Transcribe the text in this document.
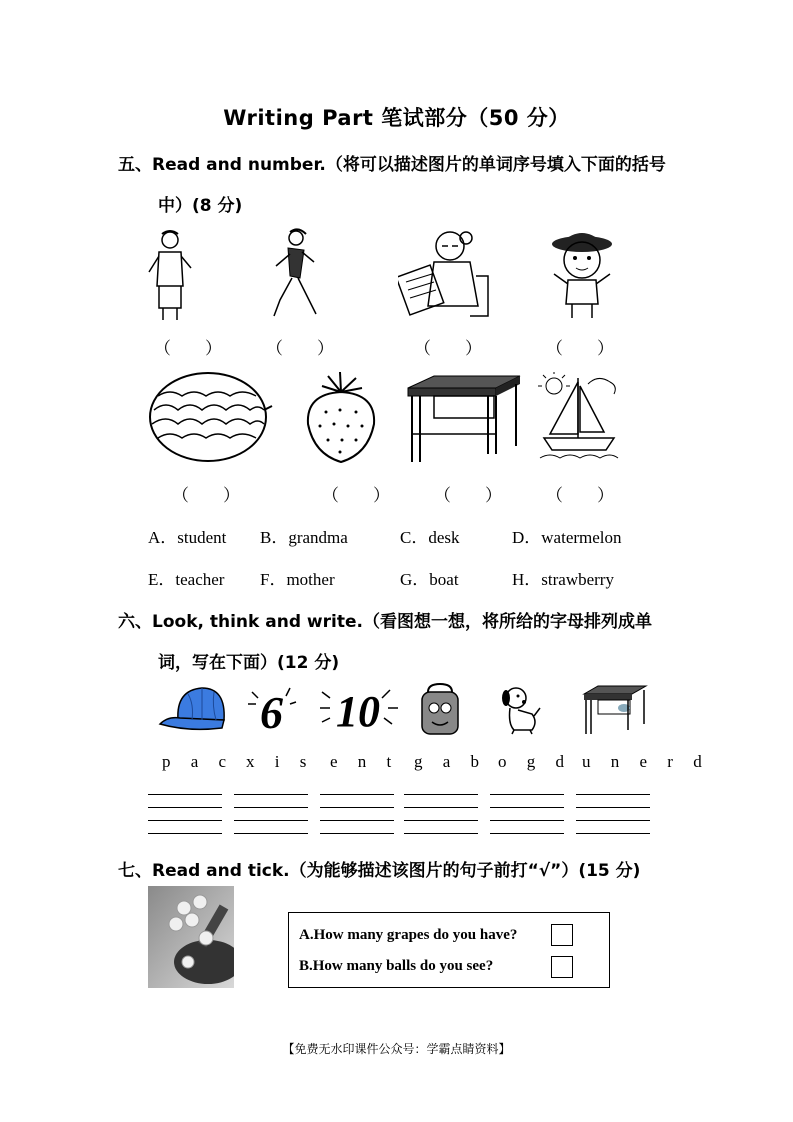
Writing Part 笔试部分（50 分）
五、Read and number.（将可以描述图片的单词序号填入下面的括号
中）(8 分)
（　　）	（　　）	（　　）	（　　）
（　　）	（　　）	（　　）	（　　）
A．student B．grandma	C．desk	D．watermelon
E．teacher F．mother	G．boat	H．strawberry
六、Look, think and write.（看图想一想，将所给的字母排列成单
词，写在下面）(12 分)
6 10
p a c x i s e n t g a b o g d u n e r d
七、Read and tick.（为能够描述该图片的句子前打“√”）(15 分)
A.How many grapes do you have?
B.How many balls do you see?
【免费无水印课件公众号：学霸点睛资料】
